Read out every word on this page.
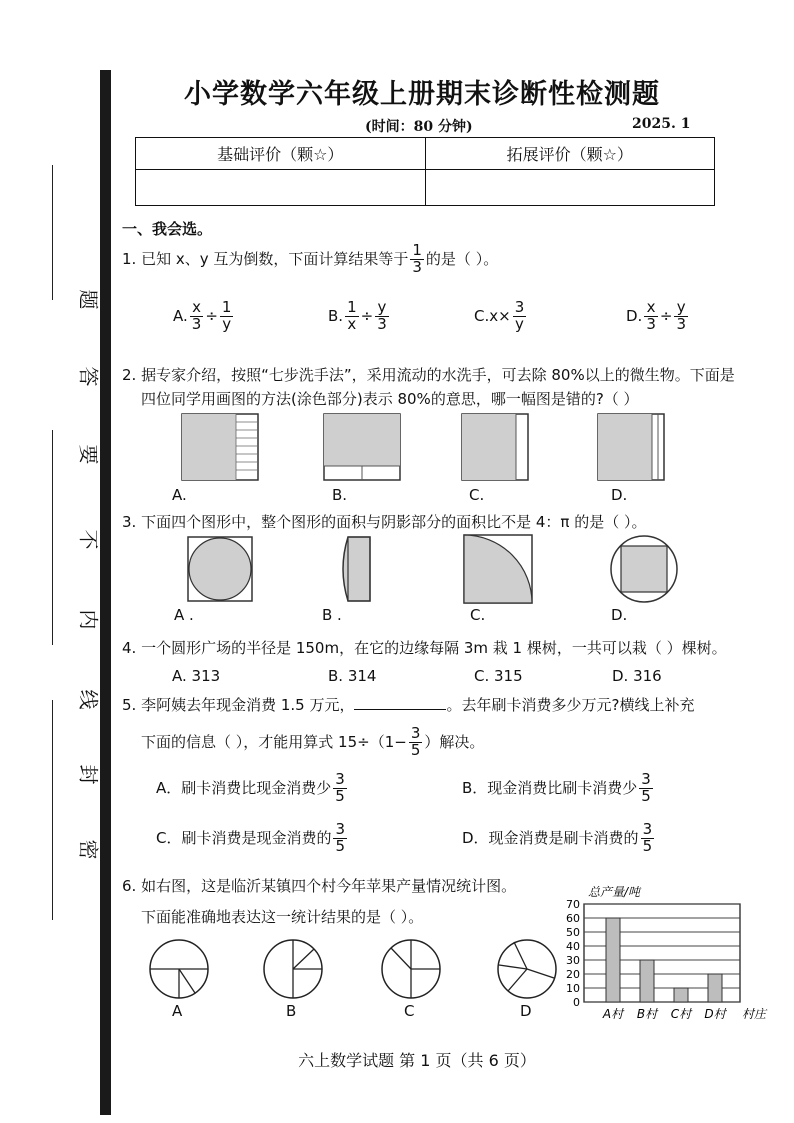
题
答
要
不
内
线
封
密
小学数学六年级上册期末诊断性检测题
(时间：80 分钟)	2025. 1
基础评价（颗☆）	拓展评价（颗☆）

一、我会选。
1. 已知 x、y 互为倒数，下面计算结果等于 $\frac{1}{3}$ 的是（ ）。
A. $\frac{x}{3} \div \frac{1}{y}$	B. $\frac{1}{x} \div \frac{y}{3}$	$C.x\times \frac{3}{y}$	D. $\frac{x}{3} \div \frac{y}{3}$
2. 据专家介绍，按照“七步洗手法”，采用流动的水洗手，可去除 80%以上的微生物。下面是
四位同学用画图的方法(涂色部分)表示 80%的意思，哪一幅图是错的?（ ）
A.	B.	C.	D.
3. 下面四个图形中，整个图形的面积与阴影部分的面积比不是 4：π 的是（ ）。
A .	B .	C.	D.
4. 一个圆形广场的半径是 150m，在它的边缘每隔 3m 栽 1 棵树，一共可以栽（ ）棵树。
A. 313	B. 314	C. 315	D. 316
5. 李阿姨去年现金消费 1.5 万元，	。去年刷卡消费多少万元?横线上补充
下面的信息（ ），才能用算式 $15\div(1- \frac{3}{5}$ ）解决。
A．刷卡消费比现金消费少 $\frac{3}{5}$	B．现金消费比刷卡消费少 $\frac{3}{5}$
C．刷卡消费是现金消费的 $\frac{3}{5}$	D．现金消费是刷卡消费的 $\frac{3}{5}$
6. 如右图，这是临沂某镇四个村今年苹果产量情况统计图。
下面能准确地表达这一统计结果的是（ ）。
A	B	C	D
总产量/吨
0
10
20
30
40
50
60
70
A村 B村 C村 D村 村庄
六上数学试题 第 1 页（共 6 页）
